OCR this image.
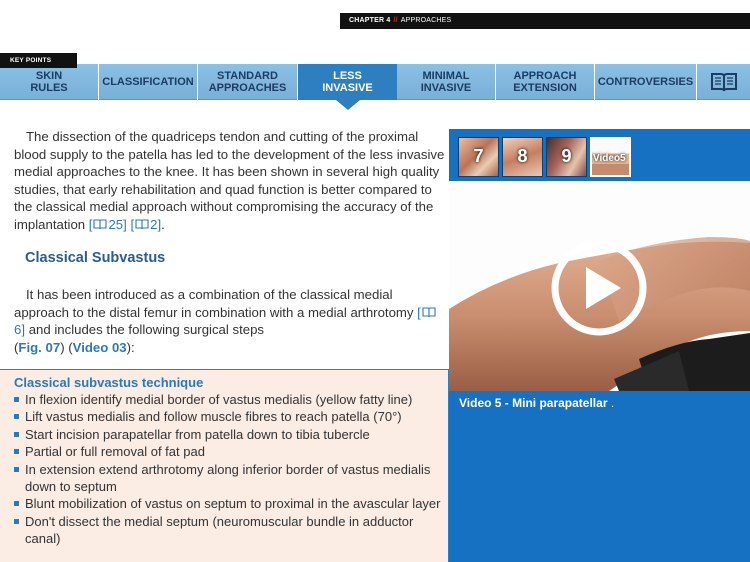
CHAPTER 4 // APPROACHES
SKIN
RULES	CLASSIFICATION	STANDARD
APPROACHES
LESS
INVASIVE
MINIMAL
INVASIVE
APPROACH
EXTENSION CONTROVERSIES
KEY POINTS
The dissection of the quadriceps tendon and cutting of the proximal blood supply to the patella has led to the development of the less invasive medial approaches to the knee. It has been shown in several high quality studies, that early rehabilitation and quad function is better compared to the classical medial approach without compromising the accuracy of the implantation [ 25] [ 2].
Classical Subvastus
It has been introduced as a combination of the classical medial approach to the distal femur in combination with a medial arthrotomy [6] and includes the following surgical steps
(Fig. 07) (Video 03):
Classical subvastus technique
In flexion identify medial border of vastus medialis (yellow fatty line)
Lift vastus medialis and follow muscle fibres to reach patella (70°)
Start incision parapatellar from patella down to tibia tubercle
Partial or full removal of fat pad
In extension extend arthrotomy along inferior border of vastus medialis down to septum
Blunt mobilization of vastus on septum to proximal in the avascular layer
Don't dissect the medial septum (neuromuscular bundle in adductor canal)
7	8	9	Video5
Video 5 - Mini parapatellar .
